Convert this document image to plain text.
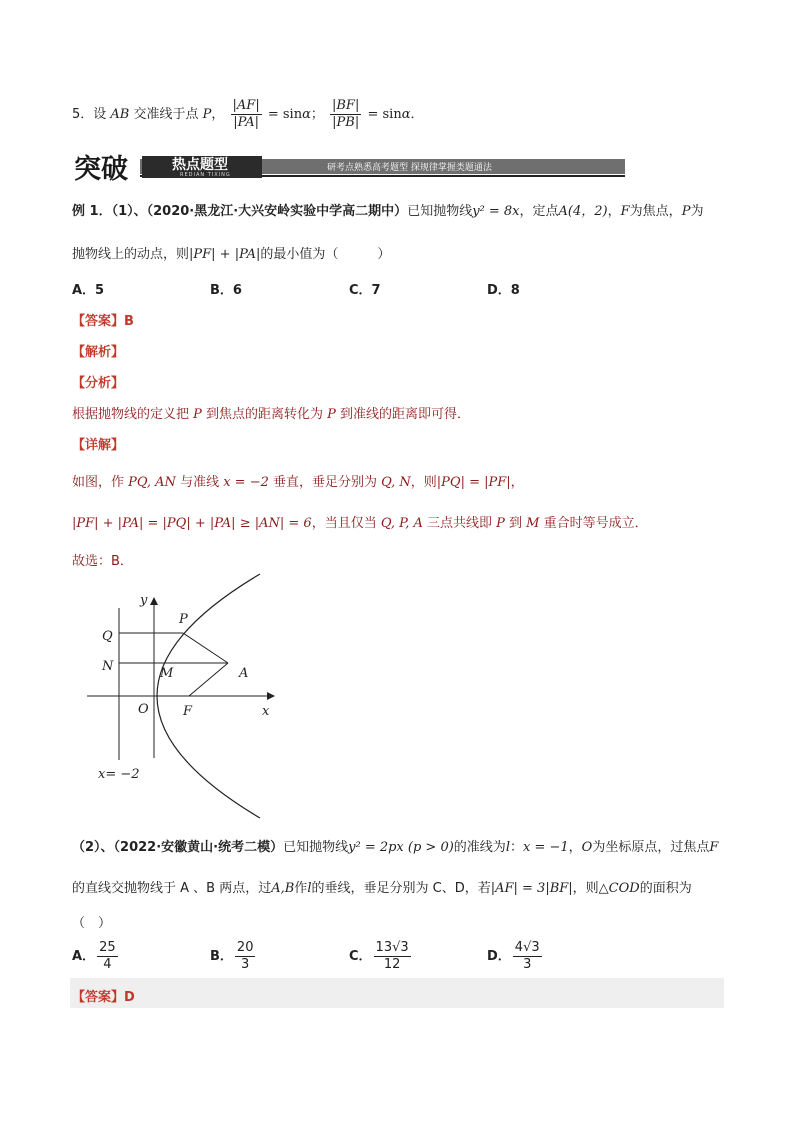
5．设 AB 交准线于点 P， $\frac{|AF|}{|PA|} = \sin\alpha$； $\frac{|BF|}{|PB|} = \sin\alpha$．
突破	热点题型
REDIAN TIXING
研考点熟悉高考题型 探规律掌握类题通法
例 1．（1）、（2020·黑龙江·大兴安岭实验中学高二期中）已知抛物线y² = 8x，定点A(4，2)，F为焦点，P为
抛物线上的动点，则|PF| + |PA|的最小值为（　　　）
A．5	B．6	C．7	D．8
【答案】B
【解析】
【分析】
根据抛物线的定义把 P 到焦点的距离转化为 P 到准线的距离即可得．
【详解】
如图，作 PQ, AN 与准线 x = −2 垂直，垂足分别为 Q, N，则|PQ| = |PF|，
|PF| + |PA| = |PQ| + |PA| ≥ |AN| = 6，当且仅当 Q, P, A 三点共线即 P 到 M 重合时等号成立．
故选：B．
y
P
Q
N	M	A
O	F	x
x= −2
（2）、（2022·安徽黄山·统考二模）已知抛物线y² = 2px (p > 0)的准线为l：x = −1，O为坐标原点，过焦点F
的直线交抛物线于 A 、B 两点，过A,B作l的垂线，垂足分别为 C、D，若|AF| = 3|BF|，则△COD的面积为
（　）
A． $\frac{25}{4}$	B． $\frac{20}{3}$	C． $\frac{13√3}{12}$	D． $\frac{4√3}{3}$
【答案】D
